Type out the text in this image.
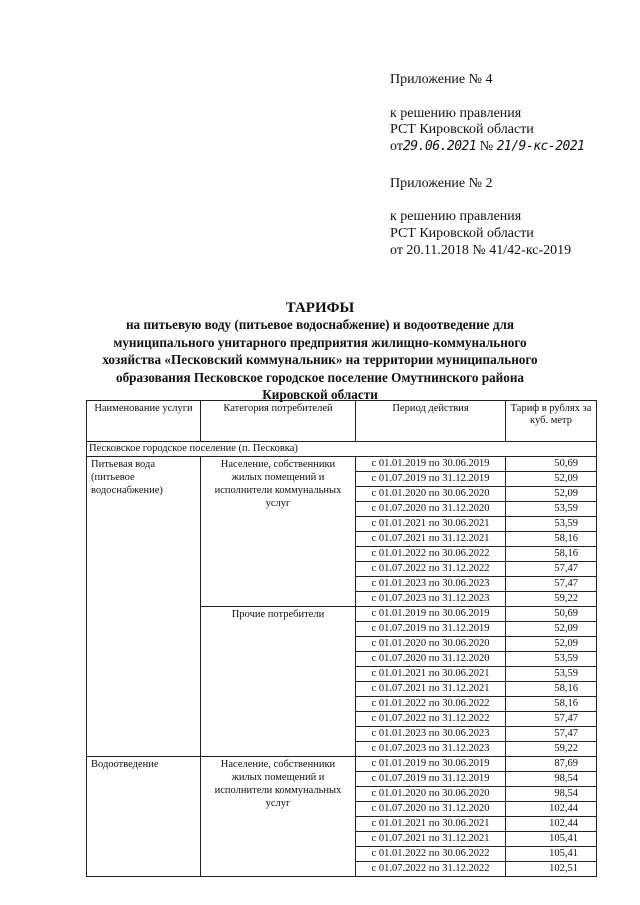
Приложение № 4
к решению правления
РСТ Кировской области
от29.06.2021 № 21/9-кс-2021
Приложение № 2
к решению правления
РСТ Кировской области
от 20.11.2018 № 41/42-кс-2019
ТАРИФЫ
на питьевую воду (питьевое водоснабжение) и водоотведение для
муниципального унитарного предприятия жилищно-коммунального
хозяйства «Песковский коммунальник» на территории муниципального
образования Песковское городское поселение Омутнинского района
Кировской области
Наименование услуги	Категория потребителей	Период действия	Тариф в рублях за куб. метр
Песковское городское поселение (п. Песковка)			
Питьевая вода (питьевое водоснабжение)	Население, собственники жилых помещений и исполнители коммунальных услуг	с 01.01.2019 по 30.06.2019	50,69
		с 01.07.2019 по 31.12.2019	52,09
		с 01.01.2020 по 30.06.2020	52,09
		с 01.07.2020 по 31.12.2020	53,59
		с 01.01.2021 по 30.06.2021	53,59
		с 01.07.2021 по 31.12.2021	58,16
		с 01.01.2022 по 30.06.2022	58,16
		с 01.07.2022 по 31.12.2022	57,47
		с 01.01.2023 по 30.06.2023	57,47
		с 01.07.2023 по 31.12.2023	59,22
	Прочие потребители	с 01.01.2019 по 30.06.2019	50,69
		с 01.07.2019 по 31.12.2019	52,09
		с 01.01.2020 по 30.06.2020	52,09
		с 01.07.2020 по 31.12.2020	53,59
		с 01.01.2021 по 30.06.2021	53,59
		с 01.07.2021 по 31.12.2021	58,16
		с 01.01.2022 по 30.06.2022	58,16
		с 01.07.2022 по 31.12.2022	57,47
		с 01.01.2023 по 30.06.2023	57,47
		с 01.07.2023 по 31.12.2023	59,22
Водоотведение	Население, собственники жилых помещений и исполнители коммунальных услуг	с 01.01.2019 по 30.06.2019	87,69
		с 01.07.2019 по 31.12.2019	98,54
		с 01.01.2020 по 30.06.2020	98,54
		с 01.07.2020 по 31.12.2020	102,44
		с 01.01.2021 по 30.06.2021	102,44
		с 01.07.2021 по 31.12.2021	105,41
		с 01.01.2022 по 30.06.2022	105,41
		с 01.07.2022 по 31.12.2022	102,51
